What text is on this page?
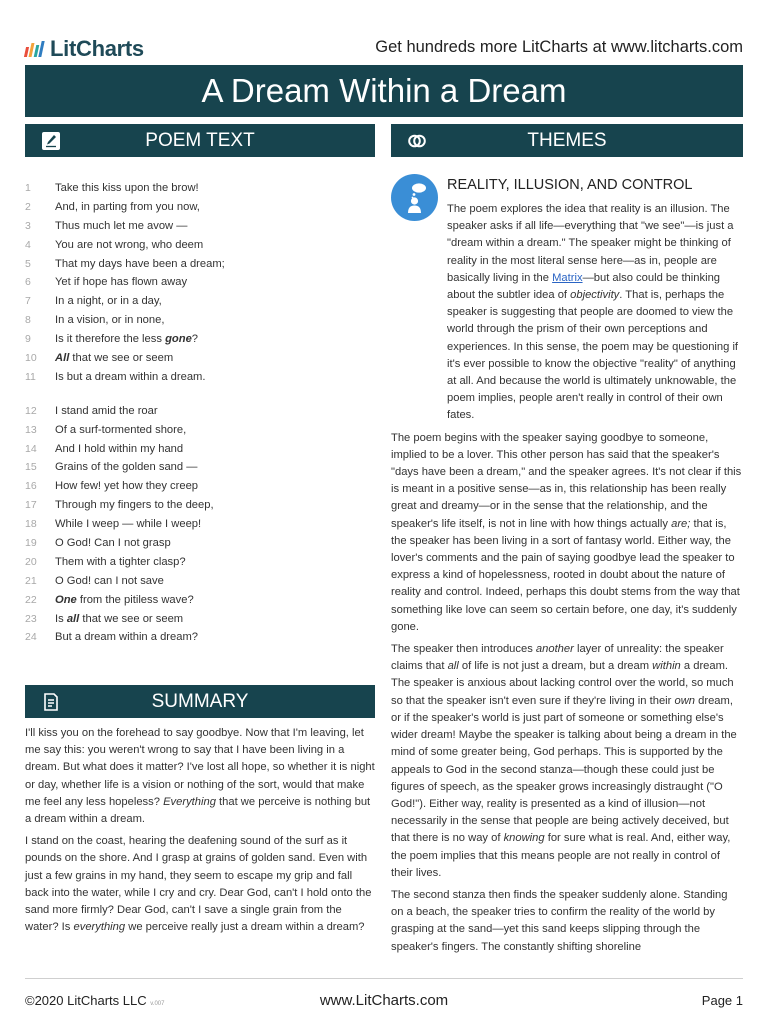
LitCharts	Get hundreds more LitCharts at www.litcharts.com
A Dream Within a Dream
POEM TEXT	THEMES
1	Take this kiss upon the brow!
2	And, in parting from you now,
3	Thus much let me avow —
4	You are not wrong, who deem
5	That my days have been a dream;
6	Yet if hope has flown away
7	In a night, or in a day,
8	In a vision, or in none,
9	Is it therefore the less gone?
10	All that we see or seem
11	Is but a dream within a dream.
12	I stand amid the roar
13	Of a surf-tormented shore,
14	And I hold within my hand
15	Grains of the golden sand —
16	How few! yet how they creep
17	Through my fingers to the deep,
18	While I weep — while I weep!
19	O God! Can I not grasp
20	Them with a tighter clasp?
21	O God! can I not save
22	One from the pitiless wave?
23	Is all that we see or seem
24	But a dream within a dream?
SUMMARY

I'll kiss you on the forehead to say goodbye. Now that I'm leaving, let me say this: you weren't wrong to say that I have been living in a dream. But what does it matter? I've lost all hope, so whether it is night or day, whether life is a vision or nothing of the sort, would that make me feel any less hopeless? Everything that we perceive is nothing but a dream within a dream.

I stand on the coast, hearing the deafening sound of the surf as it pounds on the shore. And I grasp at grains of golden sand. Even with just a few grains in my hand, they seem to escape my grip and fall back into the water, while I cry and cry. Dear God, can't I hold onto the sand more firmly? Dear God, can't I save a single grain from the water? Is everything we perceive really just a dream within a dream?

REALITY, ILLUSION, AND CONTROL

The poem explores the idea that reality is an illusion. The speaker asks if all life—everything that "we see"—is just a "dream within a dream." The speaker might be thinking of reality in the most literal sense here—as in, people are basically living in the Matrix—but also could be thinking about the subtler idea of objectivity. That is, perhaps the speaker is suggesting that people are doomed to view the world through the prism of their own perceptions and experiences. In this sense, the poem may be questioning if it's ever possible to know the objective "reality" of anything at all. And because the world is ultimately unknowable, the poem implies, people aren't really in control of their own fates.

The poem begins with the speaker saying goodbye to someone, implied to be a lover. This other person has said that the speaker's "days have been a dream," and the speaker agrees. It's not clear if this is meant in a positive sense—as in, this relationship has been really great and dreamy—or in the sense that the relationship, and the speaker's life itself, is not in line with how things actually are; that is, the speaker has been living in a sort of fantasy world. Either way, the lover's comments and the pain of saying goodbye lead the speaker to express a kind of hopelessness, rooted in doubt about the nature of reality and control. Indeed, perhaps this doubt stems from the way that something like love can seem so certain before, one day, it's suddenly gone.

The speaker then introduces another layer of unreality: the speaker claims that all of life is not just a dream, but a dream within a dream. The speaker is anxious about lacking control over the world, so much so that the speaker isn't even sure if they're living in their own dream, or if the speaker's world is just part of someone or something else's wider dream! Maybe the speaker is talking about being a dream in the mind of some greater being, God perhaps. This is supported by the appeals to God in the second stanza—though these could just be figures of speech, as the speaker grows increasingly distraught ("O God!"). Either way, reality is presented as a kind of illusion—not necessarily in the sense that people are being actively deceived, but that there is no way of knowing for sure what is real. And, either way, the poem implies that this means people are not really in control of their lives.

The second stanza then finds the speaker suddenly alone. Standing on a beach, the speaker tries to confirm the reality of the world by grasping at the sand—yet this sand keeps slipping through the speaker's fingers. The constantly shifting shoreline

©2020 LitCharts LLC v.007	www.LitCharts.com	Page 1
